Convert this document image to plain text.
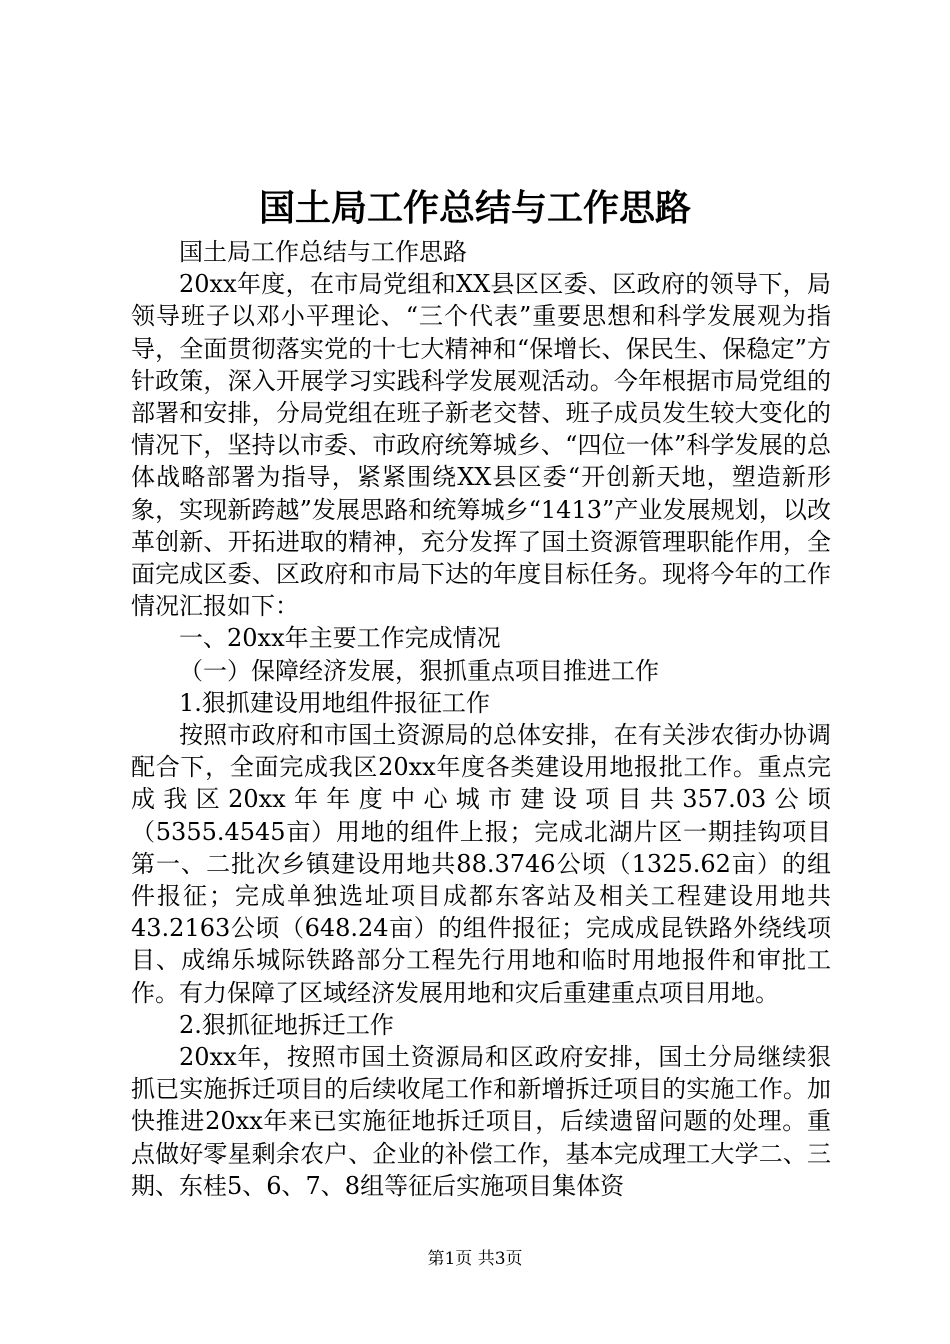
国土局工作总结与工作思路

国土局工作总结与工作思路

20xx年度，在市局党组和XX县区区委、区政府的领导下，局领导班子以邓小平理论、“三个代表”重要思想和科学发展观为指导，全面贯彻落实党的十七大精神和“保增长、保民生、保稳定”方针政策，深入开展学习实践科学发展观活动。今年根据市局党组的部署和安排，分局党组在班子新老交替、班子成员发生较大变化的情况下，坚持以市委、市政府统筹城乡、“四位一体”科学发展的总体战略部署为指导，紧紧围绕XX县区委“开创新天地，塑造新形象，实现新跨越”发展思路和统筹城乡“1413”产业发展规划，以改革创新、开拓进取的精神，充分发挥了国土资源管理职能作用，全面完成区委、区政府和市局下达的年度目标任务。现将今年的工作情况汇报如下：

一、20xx年主要工作完成情况

（一）保障经济发展，狠抓重点项目推进工作

1.狠抓建设用地组件报征工作

按照市政府和市国土资源局的总体安排，在有关涉农街办协调配合下，全面完成我区20xx年度各类建设用地报批工作。重点完成我区20xx年年度中心城市建设项目共357.03公顷（5355.4545亩）用地的组件上报；完成北湖片区一期挂钩项目第一、二批次乡镇建设用地共88.3746公顷（1325.62亩）的组件报征；完成单独选址项目成都东客站及相关工程建设用地共43.2163公顷（648.24亩）的组件报征；完成成昆铁路外绕线项目、成绵乐城际铁路部分工程先行用地和临时用地报件和审批工作。有力保障了区域经济发展用地和灾后重建重点项目用地。

2.狠抓征地拆迁工作

20xx年，按照市国土资源局和区政府安排，国土分局继续狠抓已实施拆迁项目的后续收尾工作和新增拆迁项目的实施工作。加快推进20xx年来已实施征地拆迁项目，后续遗留问题的处理。重点做好零星剩余农户、企业的补偿工作，基本完成理工大学二、三期、东桂5、6、7、8组等征后实施项目集体资

第1页 共3页
